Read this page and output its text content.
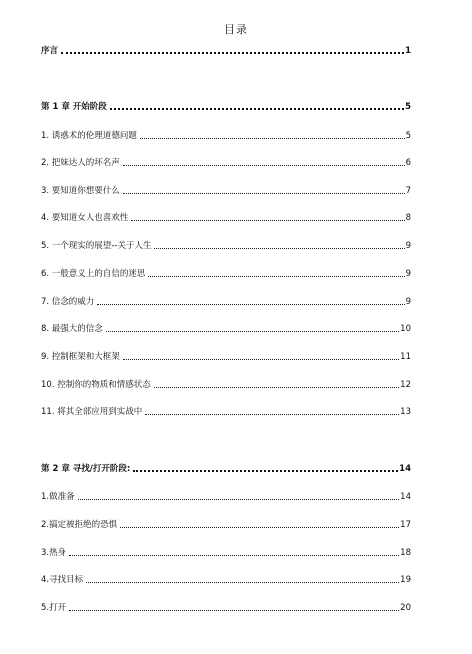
目录
序言	1
第 1 章 开始阶段	5
1. 诱惑术的伦理道德问题	5
2. 把妹达人的坏名声	6
3. 要知道你想要什么	7
4. 要知道女人也喜欢性	8
5. 一个现实的展望--关于人生	9
6. 一般意义上的自信的迷思	9
7. 信念的威力	9
8. 最强大的信念	10
9. 控制框架和大框架	11
10. 控制你的物质和情感状态	12
11. 将其全部应用到实战中	13
第 2 章 寻找/打开阶段:	14
1.做准备	14
2.搞定被拒绝的恐惧	17
3.热身	18
4.寻找目标	19
5.打开	20
